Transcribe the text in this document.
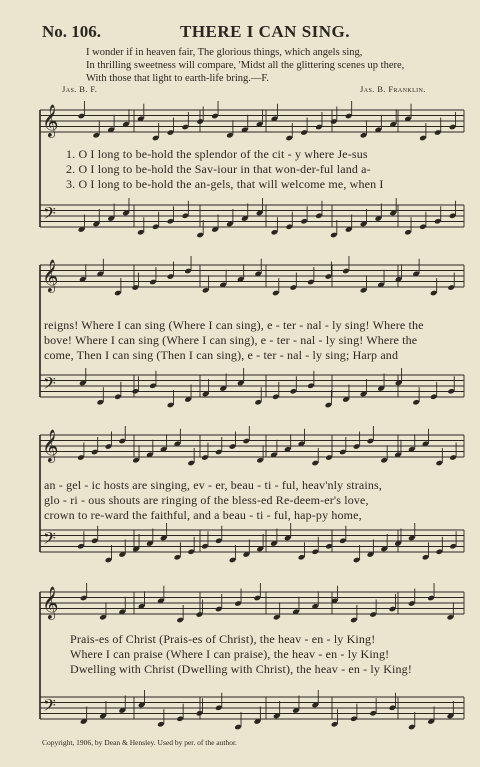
No. 106.	THERE I CAN SING.
I wonder if in heaven fair, The glorious things, which angels sing,
In thrilling sweetness will compare, 'Midst all the glittering scenes up there,
With those that light to earth-life bring.—F.
Jas. B. F.	Jas. B. Franklin.
1. O I long to be-hold the splendor of the cit - y where Je-sus
2. O I long to be-hold the Sav-iour in that won-der-ful land a-
3. O I long to be-hold the an-gels, that will welcome me, when I
reigns! Where I can sing (Where I can sing), e - ter - nal - ly sing! Where the
bove! Where I can sing (Where I can sing), e - ter - nal - ly sing! Where the
come, Then I can sing (Then I can sing), e - ter - nal - ly sing; Harp and
an - gel - ic hosts are singing, ev - er, beau - ti - ful, heav'nly strains,
glo - ri - ous shouts are ringing of the bless-ed Re-deem-er's love,
crown to re-ward the faithful, and a beau - ti - ful, hap-py home,
Prais-es of Christ (Prais-es of Christ), the heav - en - ly King!
Where I can praise (Where I can praise), the heav - en - ly King!
Dwelling with Christ (Dwelling with Christ), the heav - en - ly King!
Copyright, 1906, by Dean & Hensley. Used by per. of the author.
𝄞
𝄢
𝄞
𝄢
𝄞
𝄢
𝄞
𝄢
